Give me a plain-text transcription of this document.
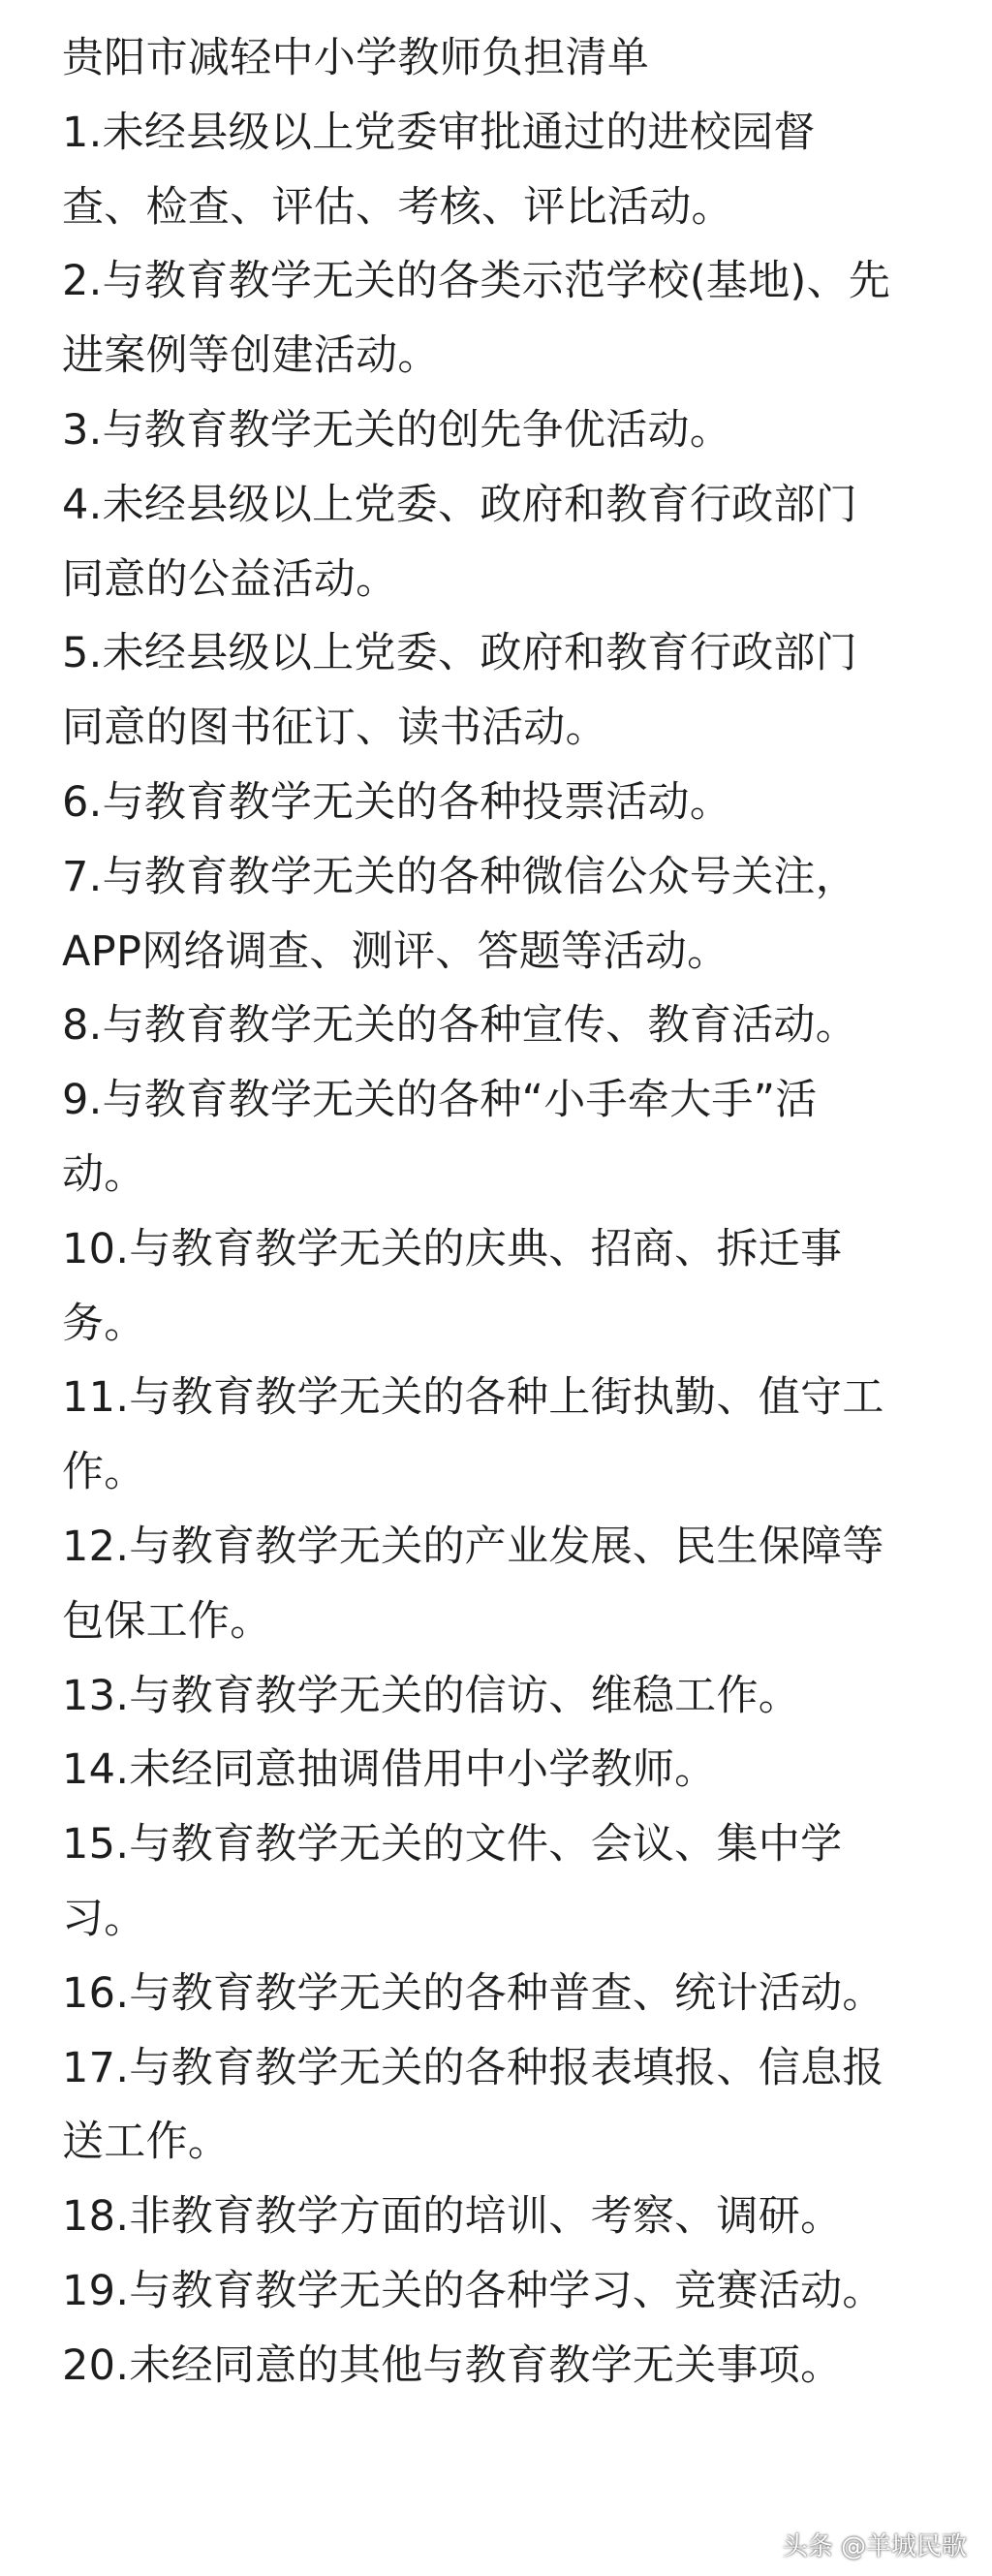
贵阳市减轻中小学教师负担清单
1.未经县级以上党委审批通过的进校园督
查、检查、评估、考核、评比活动。
2.与教育教学无关的各类示范学校(基地)、先
进案例等创建活动。
3.与教育教学无关的创先争优活动。
4.未经县级以上党委、政府和教育行政部门
同意的公益活动。
5.未经县级以上党委、政府和教育行政部门
同意的图书征订、读书活动。
6.与教育教学无关的各种投票活动。
7.与教育教学无关的各种微信公众号关注，
APP网络调查、测评、答题等活动。
8.与教育教学无关的各种宣传、教育活动。
9.与教育教学无关的各种“小手牵大手”活
动。
10.与教育教学无关的庆典、招商、拆迁事
务。
11.与教育教学无关的各种上街执勤、值守工
作。
12.与教育教学无关的产业发展、民生保障等
包保工作。
13.与教育教学无关的信访、维稳工作。
14.未经同意抽调借用中小学教师。
15.与教育教学无关的文件、会议、集中学
习。
16.与教育教学无关的各种普查、统计活动。
17.与教育教学无关的各种报表填报、信息报
送工作。
18.非教育教学方面的培训、考察、调研。
19.与教育教学无关的各种学习、竞赛活动。
20.未经同意的其他与教育教学无关事项。
头条 @羊城民歌
